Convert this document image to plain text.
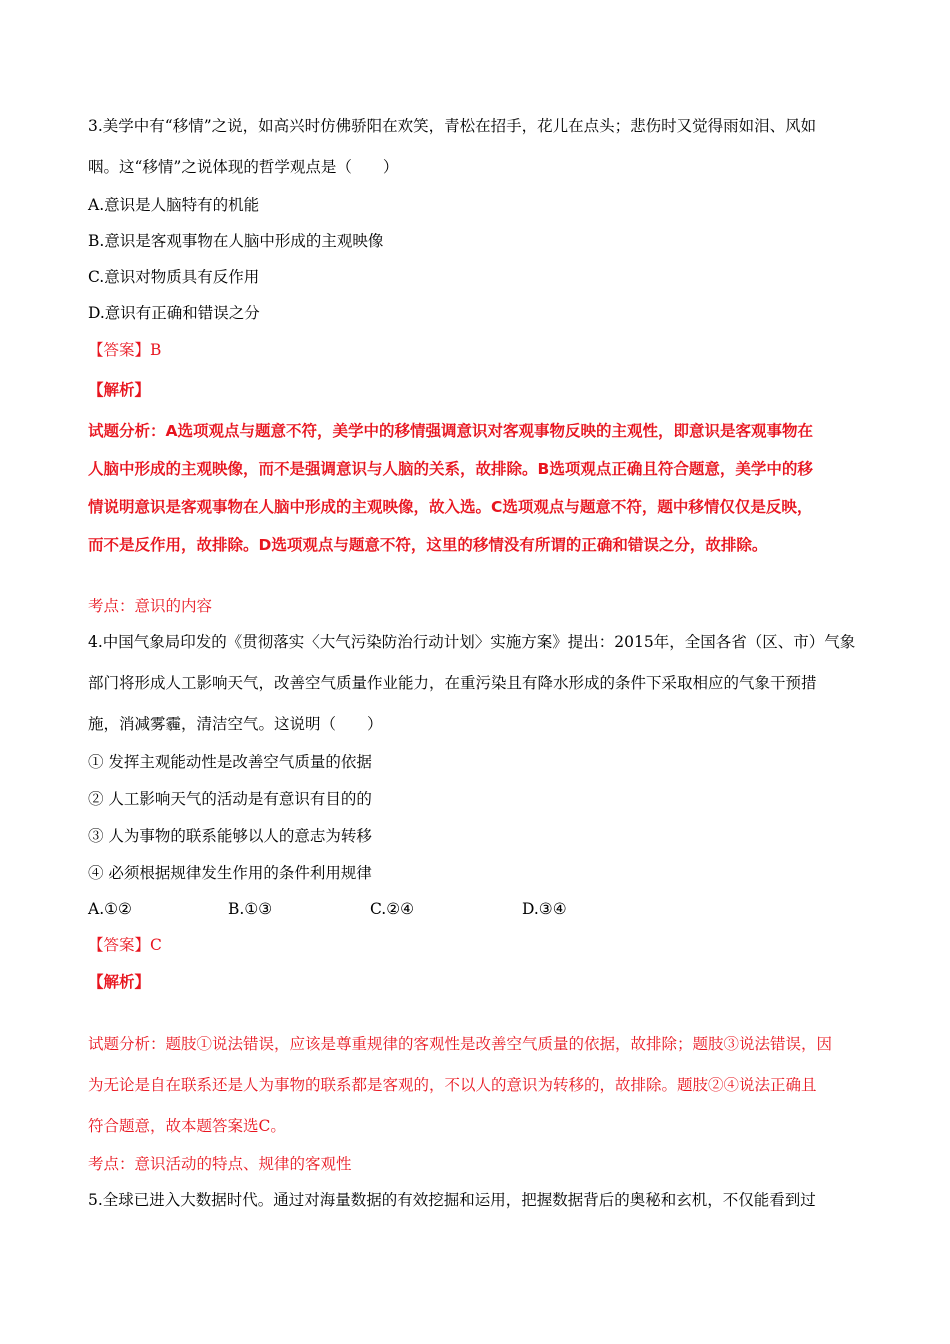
3.美学中有“移情”之说，如高兴时仿佛骄阳在欢笑，青松在招手，花儿在点头；悲伤时又觉得雨如泪、风如
咽。这“移情”之说体现的哲学观点是（　　）
A.意识是人脑特有的机能
B.意识是客观事物在人脑中形成的主观映像
C.意识对物质具有反作用
D.意识有正确和错误之分
【答案】B
【解析】
试题分析：A选项观点与题意不符，美学中的移情强调意识对客观事物反映的主观性，即意识是客观事物在
人脑中形成的主观映像，而不是强调意识与人脑的关系，故排除。B选项观点正确且符合题意，美学中的移
情说明意识是客观事物在人脑中形成的主观映像，故入选。C选项观点与题意不符，题中移情仅仅是反映，
而不是反作用，故排除。D选项观点与题意不符，这里的移情没有所谓的正确和错误之分，故排除。
考点：意识的内容
4.中国气象局印发的《贯彻落实〈大气污染防治行动计划〉实施方案》提出：2015年，全国各省（区、市）气象
部门将形成人工影响天气，改善空气质量作业能力，在重污染且有降水形成的条件下采取相应的气象干预措
施，消减雾霾，清洁空气。这说明（　　）
① 发挥主观能动性是改善空气质量的依据
② 人工影响天气的活动是有意识有目的的
③ 人为事物的联系能够以人的意志为转移
④ 必须根据规律发生作用的条件利用规律
A.①②	B.①③	C.②④	D.③④
【答案】C
【解析】
试题分析：题肢①说法错误，应该是尊重规律的客观性是改善空气质量的依据，故排除；题肢③说法错误，因
为无论是自在联系还是人为事物的联系都是客观的，不以人的意识为转移的，故排除。题肢②④说法正确且
符合题意，故本题答案选C。
考点：意识活动的特点、规律的客观性
5.全球已进入大数据时代。通过对海量数据的有效挖掘和运用，把握数据背后的奥秘和玄机，不仅能看到过
